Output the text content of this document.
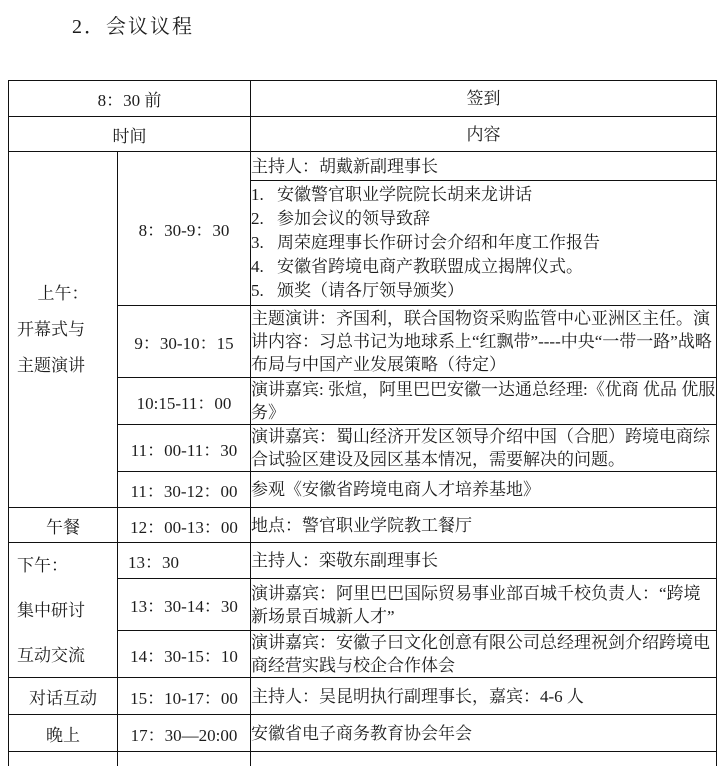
2．会议议程
8：30 前		签到
时间		内容

上午：
开幕式与
主题演讲	8：30-9：30	主持人：胡戴新副理事长

1. 安徽警官职业学院院长胡来龙讲话
2. 参加会议的领导致辞
3. 周荣庭理事长作研讨会介绍和年度工作报告
4. 安徽省跨境电商产教联盟成立揭牌仪式。
5. 颁奖（请各厅领导颁奖）

	9：30-10：15	主题演讲：齐国利，联合国物资采购监管中心亚洲区主任。演讲内容：习总书记为地球系上“红飘带”----中央“一带一路”战略布局与中国产业发展策略（待定）
	10:15-11：00	演讲嘉宾: 张煊，阿里巴巴安徽一达通总经理:《优商 优品 优服务》
	11：00-11：30	演讲嘉宾：蜀山经济开发区领导介绍中国（合肥）跨境电商综合试验区建设及园区基本情况，需要解决的问题。
	11：30-12：00	参观《安徽省跨境电商人才培养基地》
午餐	12：00-13：00	地点：警官职业学院教工餐厅

下午：
集中研讨
互动交流	13：30	主持人：栾敬东副理事长
	13：30-14：30	演讲嘉宾：阿里巴巴国际贸易事业部百城千校负责人：“跨境新场景百城新人才”
	14：30-15：10	演讲嘉宾：安徽子曰文化创意有限公司总经理祝剑介绍跨境电商经营实践与校企合作体会
对话互动	15：10-17：00	主持人：吴昆明执行副理事长，嘉宾：4-6 人
晚上	17：30—20:00	安徽省电子商务教育协会年会
